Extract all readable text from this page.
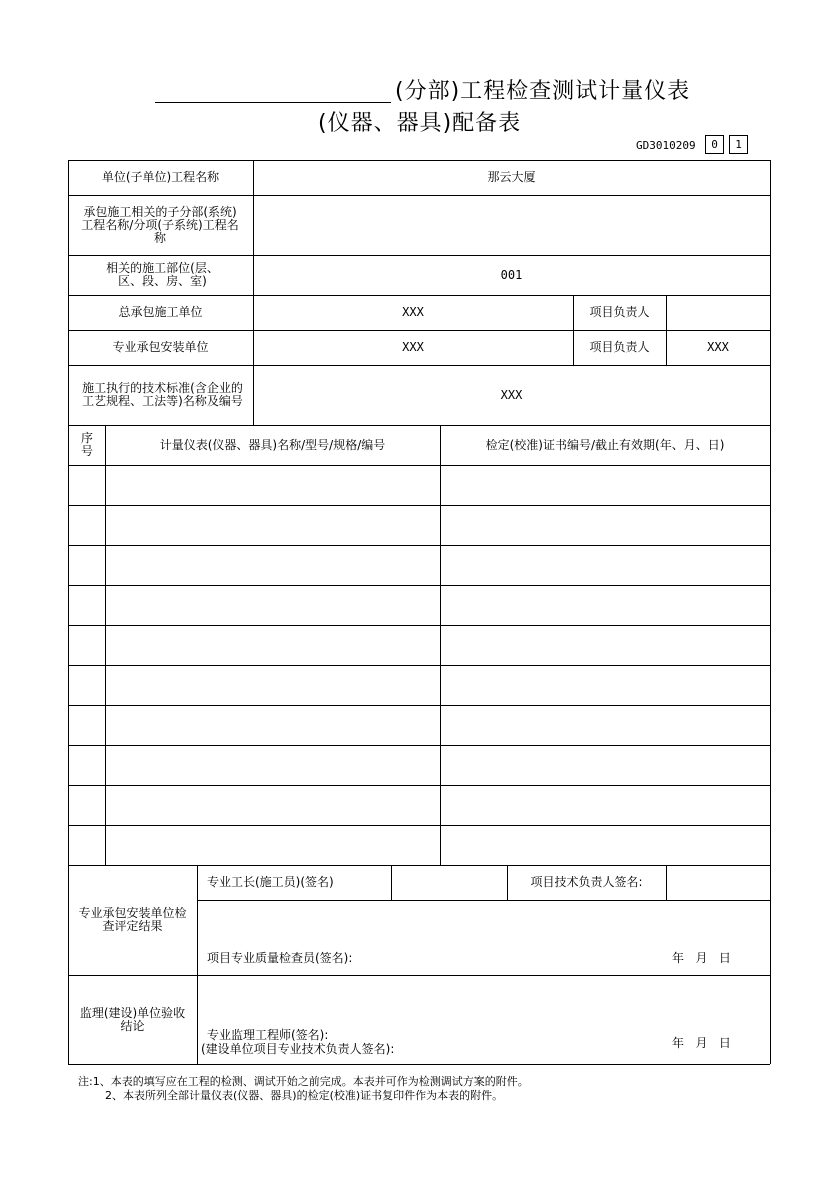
(分部)工程检查测试计量仪表
(仪器、器具)配备表
GD3010209	0	1
单位(子单位)工程名称	那云大厦
承包施工相关的子分部(系统)工程名称/分项(子系统)工程名称
相关的施工部位(层、区、段、房、室)	001
总承包施工单位	XXX	项目负责人
专业承包安装单位	XXX	项目负责人	XXX
施工执行的技术标准(含企业的工艺规程、工法等)名称及编号	XXX
序号	计量仪表(仪器、器具)名称/型号/规格/编号	检定(校准)证书编号/截止有效期(年、月、日)
专业承包安装单位检查评定结果
专业工长(施工员)(签名)	项目技术负责人签名:
项目专业质量检查员(签名):	年   月   日
监理(建设)单位验收结论
专业监理工程师(签名):
(建设单位项目专业技术负责人签名):	年   月   日
注:1、本表的填写应在工程的检测、调试开始之前完成。本表并可作为检测调试方案的附件。
2、本表所列全部计量仪表(仪器、器具)的检定(校准)证书复印件作为本表的附件。
